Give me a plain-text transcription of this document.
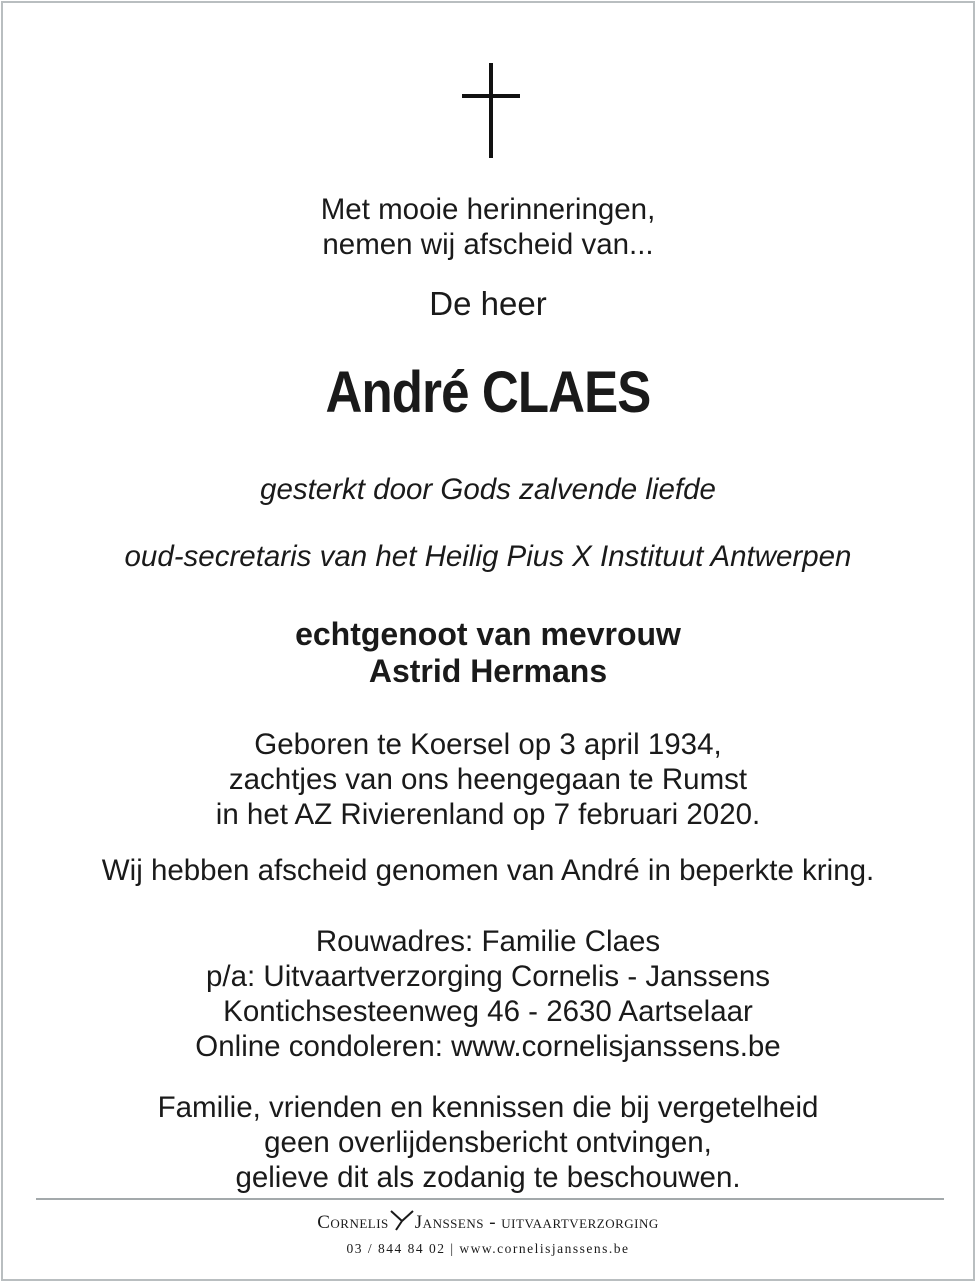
Met mooie herinneringen,
nemen wij afscheid van...
De heer
André CLAES
gesterkt door Gods zalvende liefde
oud-secretaris van het Heilig Pius X Instituut Antwerpen
echtgenoot van mevrouw
Astrid Hermans
Geboren te Koersel op 3 april 1934,
zachtjes van ons heengegaan te Rumst
in het AZ Rivierenland op 7 februari 2020.
Wij hebben afscheid genomen van André in beperkte kring.
Rouwadres: Familie Claes
p/a: Uitvaartverzorging Cornelis - Janssens
Kontichsesteenweg 46 - 2630 Aartselaar
Online condoleren: www.cornelisjanssens.be
Familie, vrienden en kennissen die bij vergetelheid
geen overlijdensbericht ontvingen,
gelieve dit als zodanig te beschouwen.
Cornelis Janssens - uitvaartverzorging
03 / 844 84 02 | www.cornelisjanssens.be
